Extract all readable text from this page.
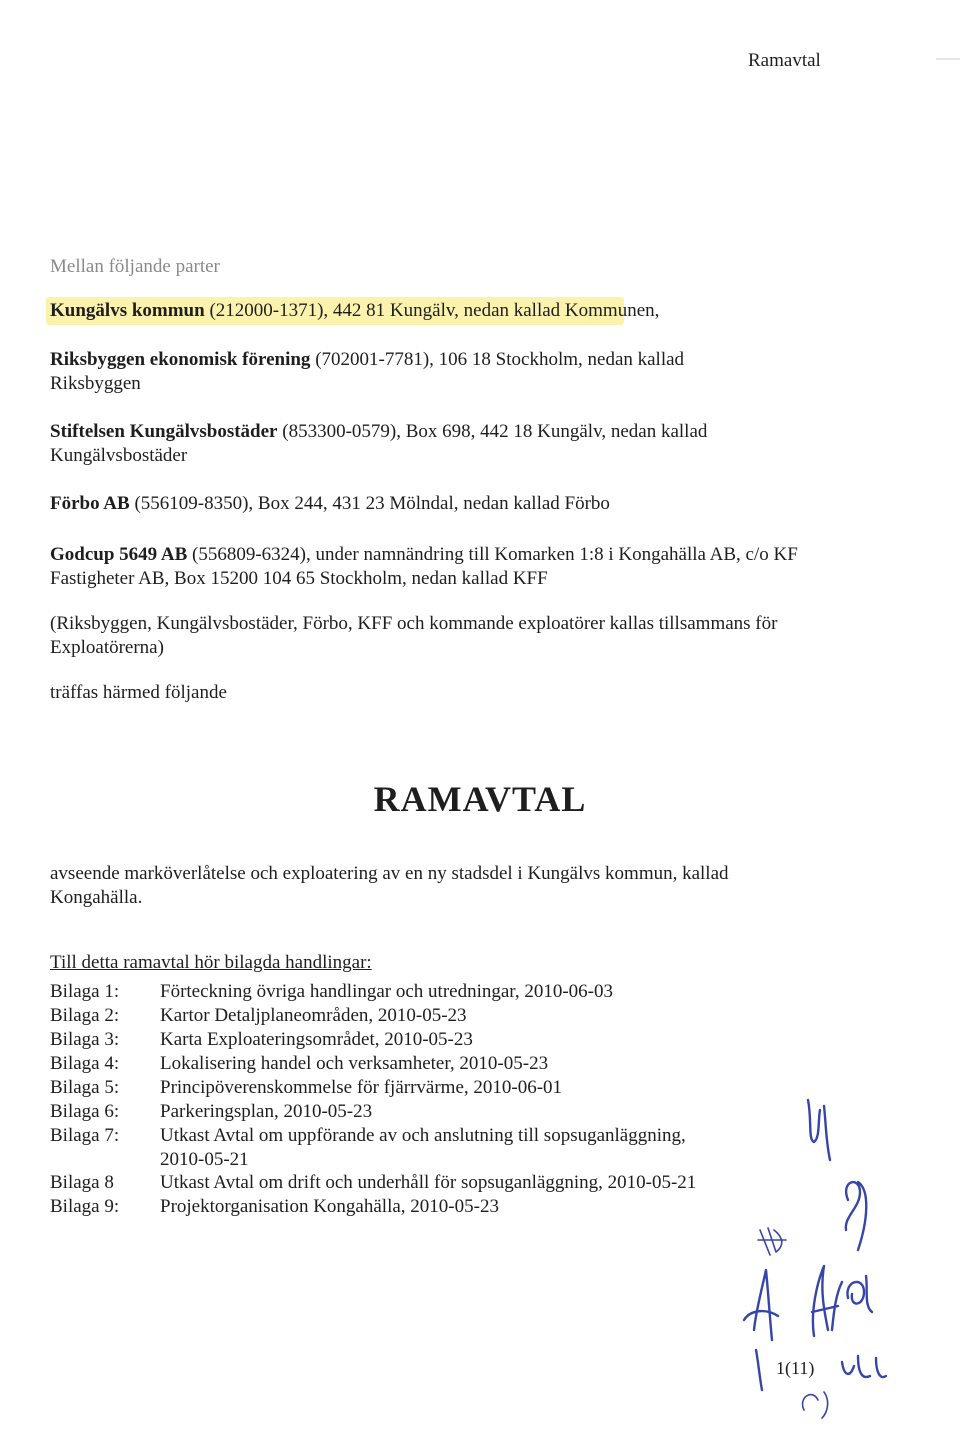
Ramavtal
Mellan följande parter
Kungälvs kommun (212000-1371), 442 81 Kungälv, nedan kallad Kommunen,
Riksbyggen ekonomisk förening (702001-7781), 106 18 Stockholm, nedan kallad Riksbyggen
Stiftelsen Kungälvsbostäder (853300-0579), Box 698, 442 18 Kungälv, nedan kallad Kungälvsbostäder
Förbo AB (556109-8350), Box 244, 431 23 Mölndal, nedan kallad Förbo
Godcup 5649 AB (556809-6324), under namnändring till Komarken 1:8 i Kongahälla AB, c/o KF Fastigheter AB, Box 15200 104 65 Stockholm, nedan kallad KFF
(Riksbyggen, Kungälvsbostäder, Förbo, KFF och kommande exploatörer kallas tillsammans för Exploatörerna)
träffas härmed följande
RAMAVTAL
avseende marköverlåtelse och exploatering av en ny stadsdel i Kungälvs kommun, kallad Kongahälla.
Till detta ramavtal hör bilagda handlingar:
Bilaga 1: Förteckning övriga handlingar och utredningar, 2010-06-03
Bilaga 2: Kartor Detaljplaneområden, 2010-05-23
Bilaga 3: Karta Exploateringsområdet, 2010-05-23
Bilaga 4: Lokalisering handel och verksamheter, 2010-05-23
Bilaga 5: Principöverenskommelse för fjärrvärme, 2010-06-01
Bilaga 6: Parkeringsplan, 2010-05-23
Bilaga 7: Utkast Avtal om uppförande av och anslutning till sopsuganläggning,
2010-05-21
Bilaga 8 Utkast Avtal om drift och underhåll för sopsuganläggning, 2010-05-21
Bilaga 9: Projektorganisation Kongahälla, 2010-05-23
1(11)
